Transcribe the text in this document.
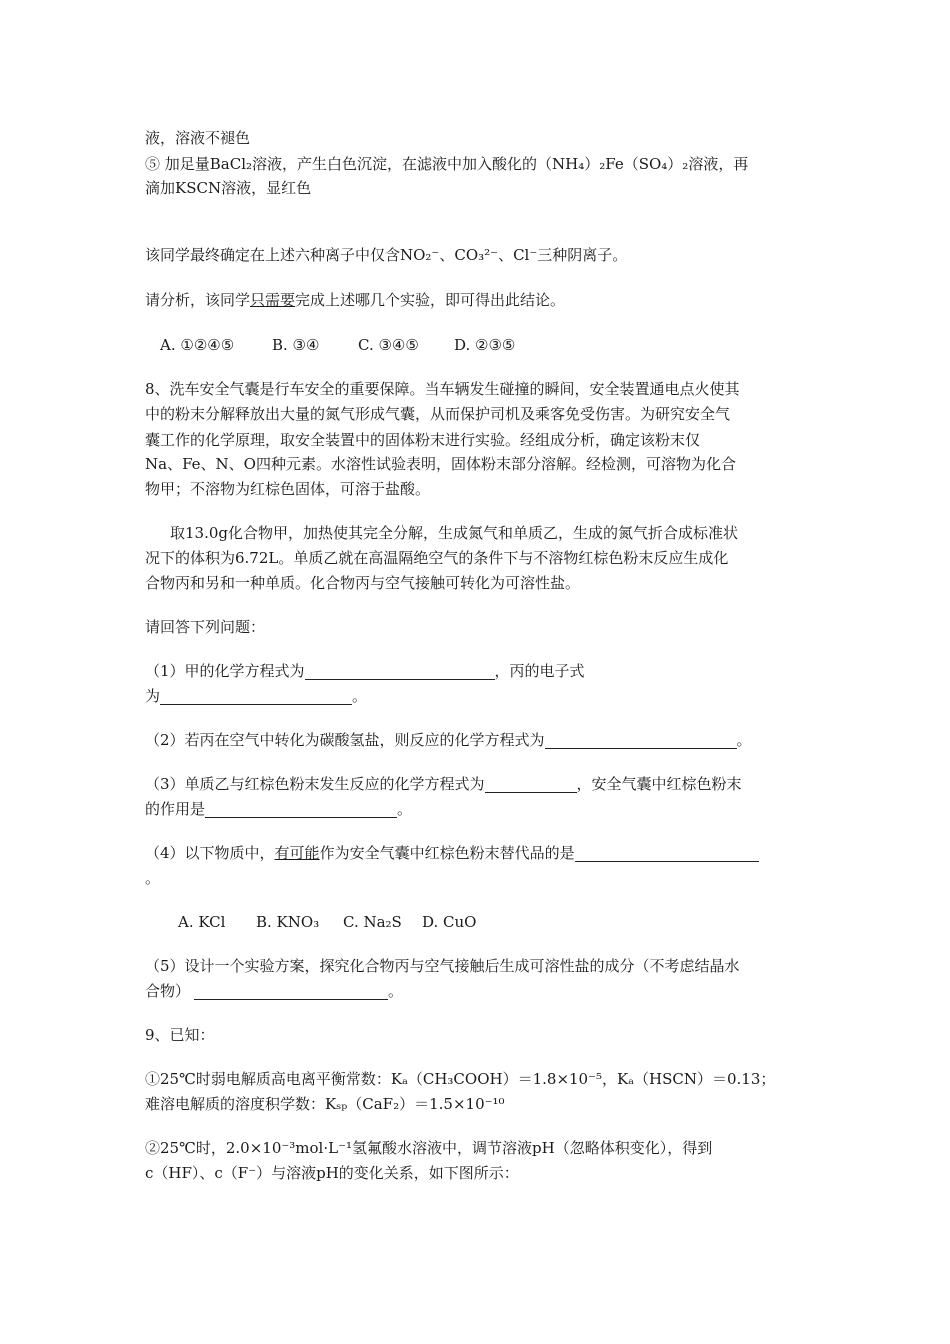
液，溶液不褪色
⑤ 加足量BaCl₂溶液，产生白色沉淀，在滤液中加入酸化的（NH₄）₂Fe（SO₄）₂溶液，再
滴加KSCN溶液，显红色
该同学最终确定在上述六种离子中仅含NO₂⁻、CO₃²⁻、Cl⁻三种阴离子。
请分析，该同学只需要完成上述哪几个实验，即可得出此结论。
A. ①②④⑤	B. ③④	C. ③④⑤ D. ②③⑤
8、洗车安全气囊是行车安全的重要保障。当车辆发生碰撞的瞬间，安全装置通电点火使其
中的粉末分解释放出大量的氮气形成气囊，从而保护司机及乘客免受伤害。为研究安全气
囊工作的化学原理，取安全装置中的固体粉末进行实验。经组成分析，确定该粉末仅
Na、Fe、N、O四种元素。水溶性试验表明，固体粉末部分溶解。经检测，可溶物为化合
物甲；不溶物为红棕色固体，可溶于盐酸。
取13.0g化合物甲，加热使其完全分解，生成氮气和单质乙，生成的氮气折合成标准状
况下的体积为6.72L。单质乙就在高温隔绝空气的条件下与不溶物红棕色粉末反应生成化
合物丙和另和一种单质。化合物丙与空气接触可转化为可溶性盐。
请回答下列问题：
（1）甲的化学方程式为	，丙的电子式
为	。
（2）若丙在空气中转化为碳酸氢盐，则反应的化学方程式为	。
（3）单质乙与红棕色粉末发生反应的化学方程式为	，安全气囊中红棕色粉末
的作用是	。
（4）以下物质中，有可能作为安全气囊中红棕色粉末替代品的是
。
A. KCl B. KNO₃ C. Na₂S D. CuO
（5）设计一个实验方案，探究化合物丙与空气接触后生成可溶性盐的成分（不考虑结晶水
合物）	。
9、已知：
①25℃时弱电解质高电离平衡常数：Kₐ（CH₃COOH）＝1.8×10⁻⁵，Kₐ（HSCN）＝0.13；
难溶电解质的溶度积学数：Kₛₚ（CaF₂）＝1.5×10⁻¹⁰
②25℃时，2.0×10⁻³mol·L⁻¹氢氟酸水溶液中，调节溶液pH（忽略体积变化），得到
c（HF）、c（F⁻）与溶液pH的变化关系，如下图所示：
